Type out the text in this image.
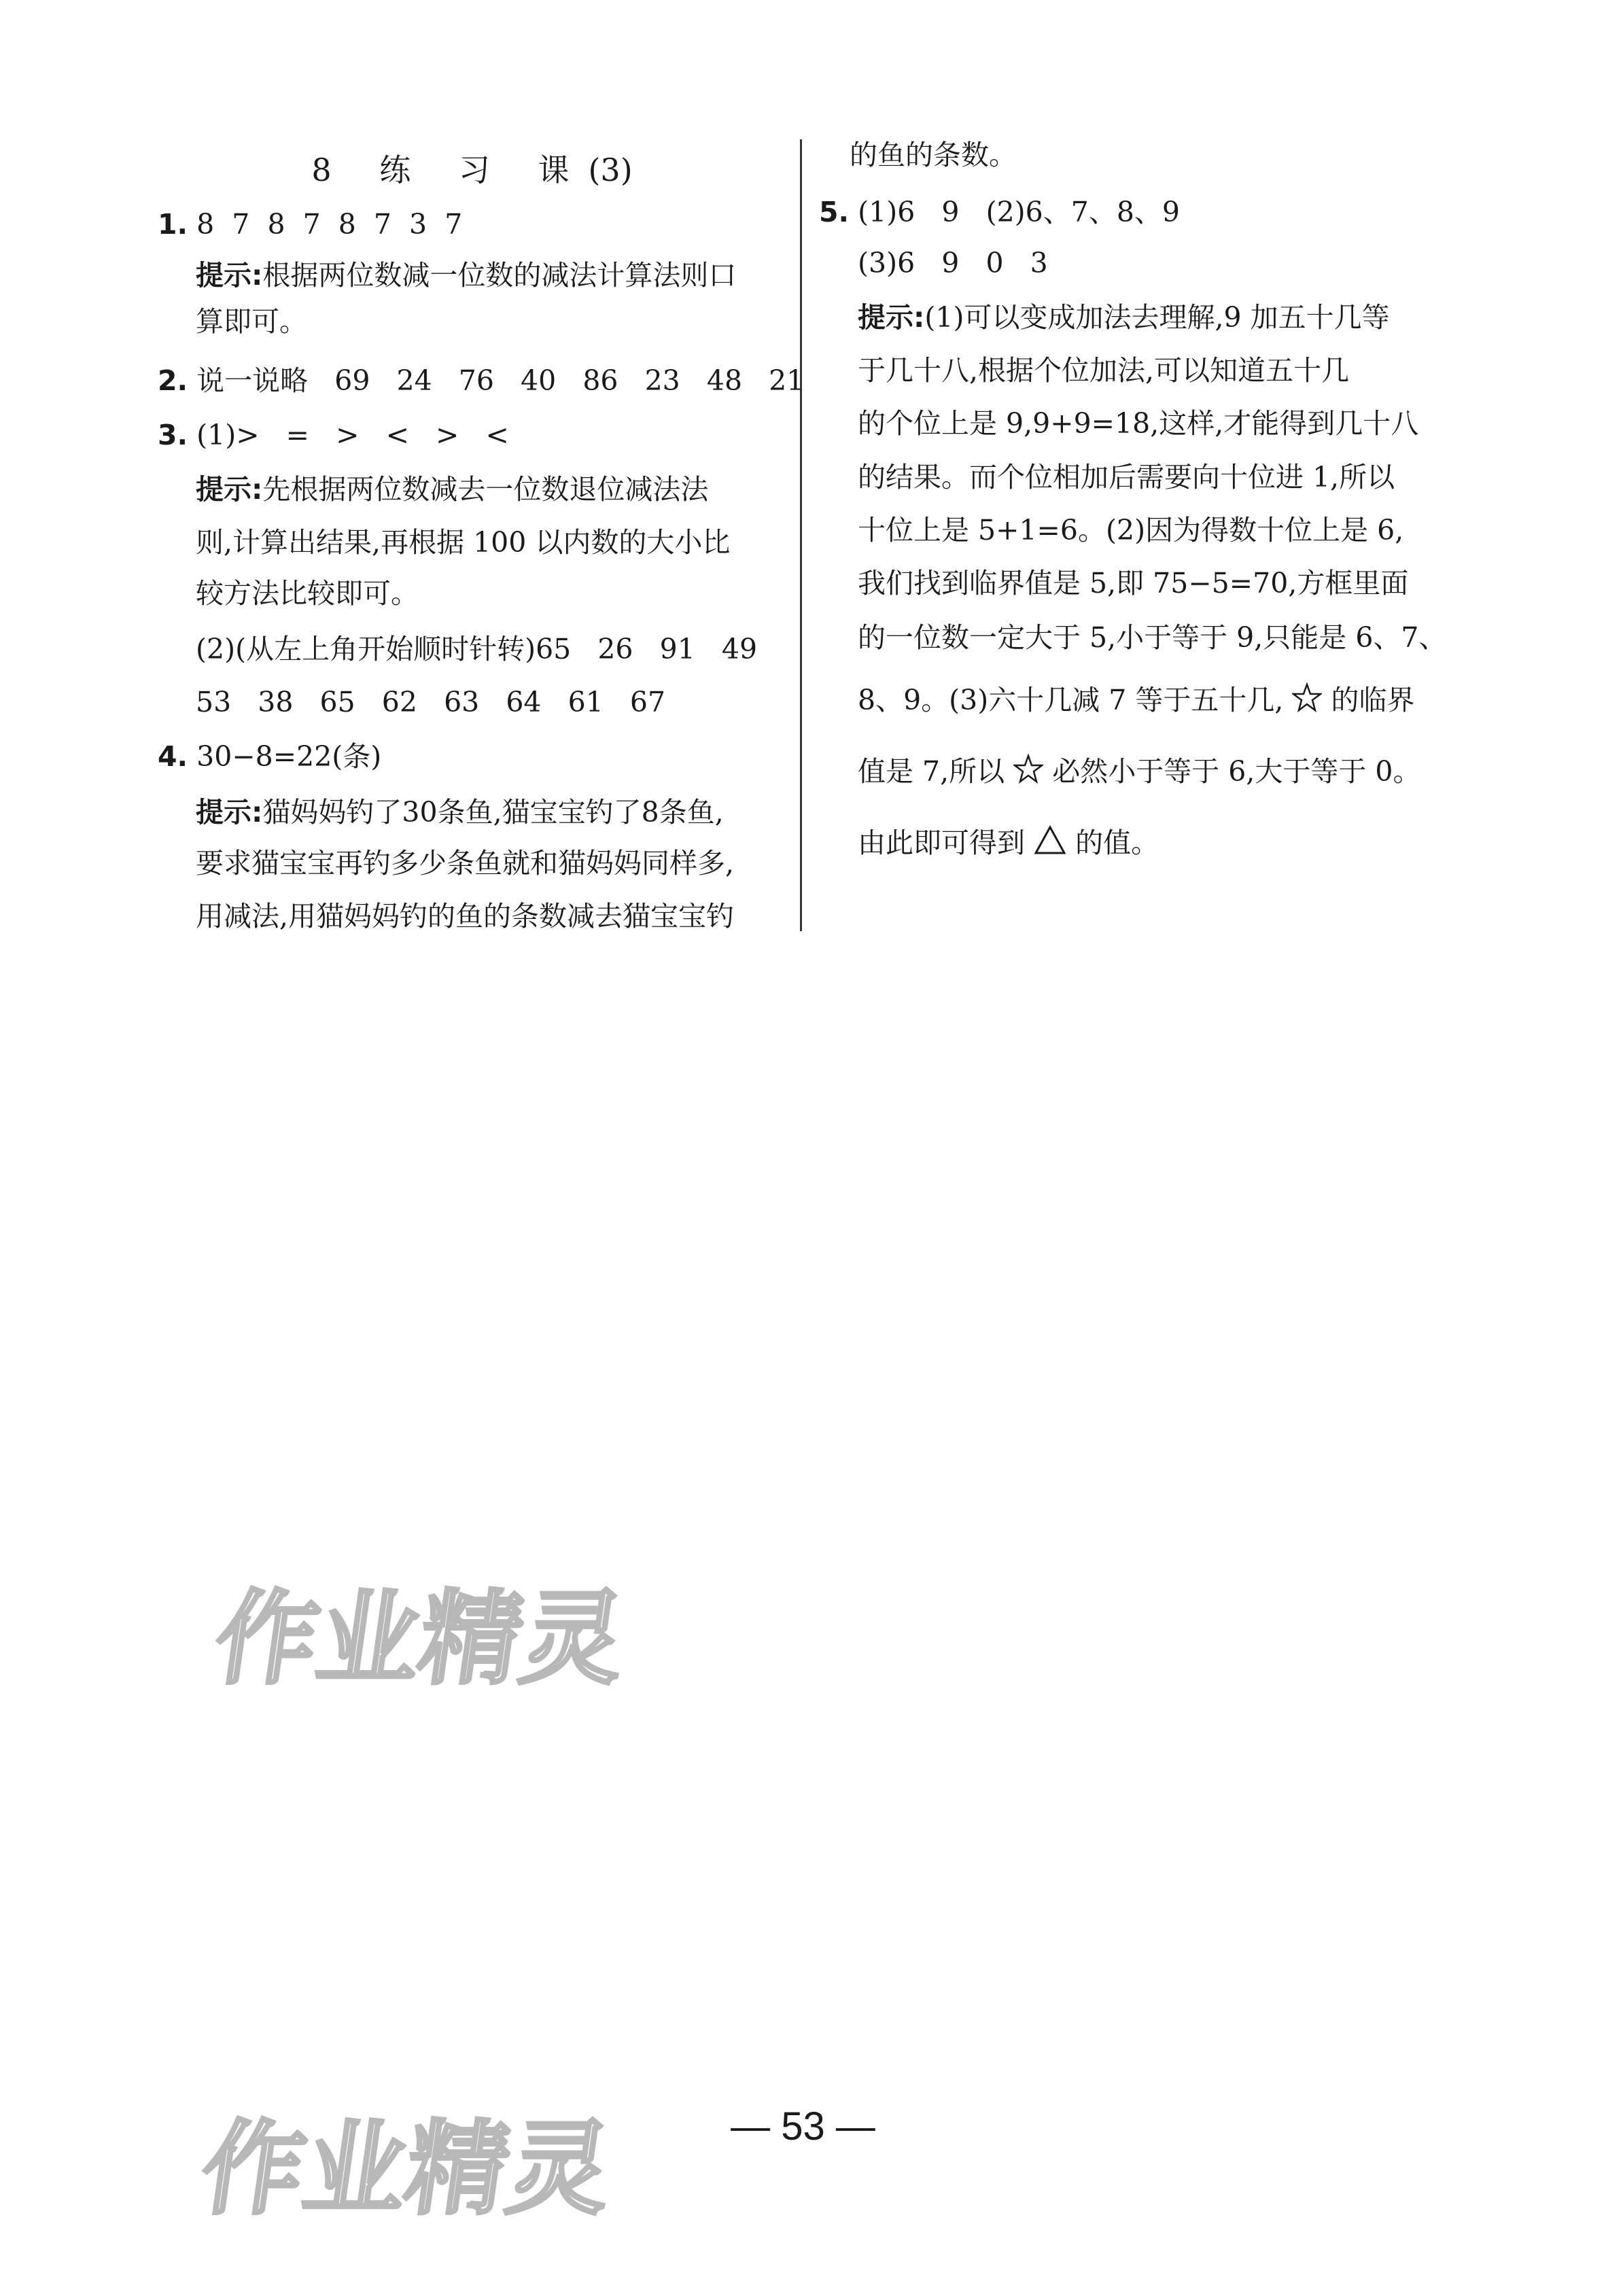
8 练 习 课(3)
1. 8  7  8  7  8  7  3  7
提示:根据两位数减一位数的减法计算法则口
算即可。
2. 说一说略   69   24   76   40   86   23   48   21
3. (1)>   =   >   <   >   <
提示:先根据两位数减去一位数退位减法法
则,计算出结果,再根据 100 以内数的大小比
较方法比较即可。
(2)(从左上角开始顺时针转)65   26   91   49
53   38   65   62   63   64   61   67
4. 30−8=22(条)
提示:猫妈妈钓了30条鱼,猫宝宝钓了8条鱼,
要求猫宝宝再钓多少条鱼就和猫妈妈同样多,
用减法,用猫妈妈钓的鱼的条数减去猫宝宝钓
的鱼的条数。
5. (1)6   9   (2)6、7、8、9
(3)6   9   0   3
提示:(1)可以变成加法去理解,9 加五十几等
于几十八,根据个位加法,可以知道五十几
的个位上是 9,9+9=18,这样,才能得到几十八
的结果。而个位相加后需要向十位进 1,所以
十位上是 5+1=6。(2)因为得数十位上是 6,
我们找到临界值是 5,即 75−5=70,方框里面
的一位数一定大于 5,小于等于 9,只能是 6、7、
8、9。(3)六十几减 7 等于五十几, 的临界
值是 7,所以 必然小于等于 6,大于等于 0。
由此即可得到 的值。
作业精灵
作业精灵	— 53 —
